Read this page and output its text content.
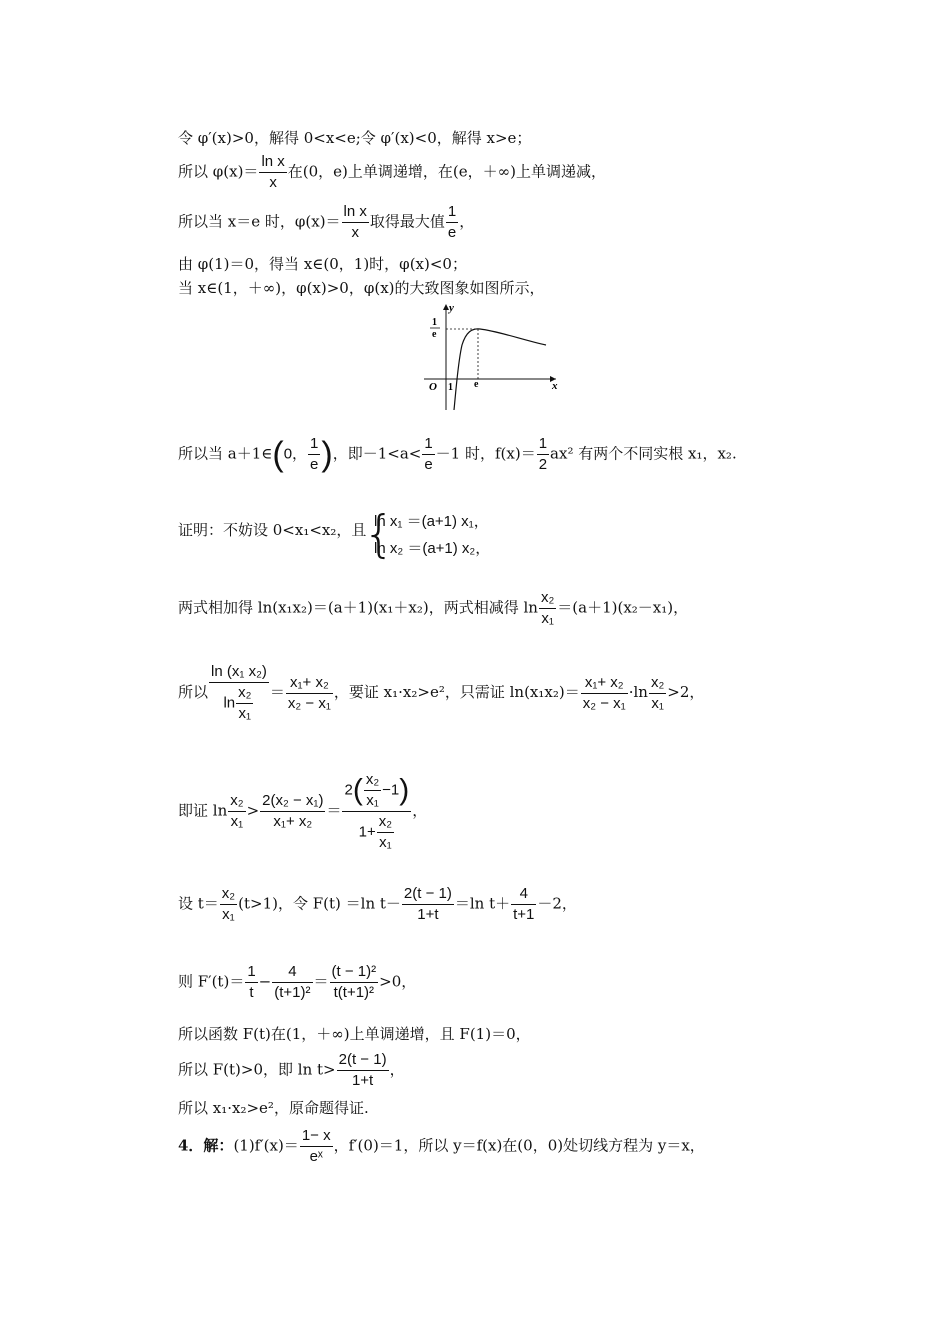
令 φ′(x)>0，解得 0<x<e;令 φ′(x)<0，解得 x>e；
所以 $\varphi(x)= \frac{\text{ln x}}{x}$ 在(0，e)上单调递增，在(e，＋∞)上单调递减，
所以当 x＝e 时，$\varphi(x)= \frac{\text{ln x}}{x}$ 取得最大值 $\frac{1}{e}$ ，
由 φ(1)＝0，得当 x∈(0，1)时，φ(x)<0；
当 x∈(1，＋∞)，φ(x)>0，φ(x)的大致图象如图所示，
y
x
O 1 e
1
e
所以当 a＋1∈(0， $\frac{1}{e}$ )，即$-1<a< \frac{1}{e} -1$ 时，$f(x)= \frac{1}{2} ax^2$ 有两个不同实根 x₁，x₂.
证明：不妨设 0<x₁<x₂，且
{
ln x₁ ＝(a+1) x₁，
ln x₂ ＝(a+1) x₂，
两式相加得 ln(x₁x₂)＝(a＋1)(x₁＋x₂)，两式相减得 $\ln \frac{\text{x₂}}{\text{x₁}} =(a+1)(x_2-x_1)$，
所以 $\frac{\text{ln (x₁ x₂)}}{\ln \frac{\text{x₂}}{\text{x₁}}} = \frac{\text{x₁+ x₂}}{\text{x₂ − x₁}}$ ，要证 x₁·x₂>e²，只需证 $\ln(x_1x_2)= \frac{\text{x₁+ x₂}}{\text{x₂ − x₁}} \cdot\ln \frac{\text{x₂}}{\text{x₁}} >2$，
即证 $\ln \frac{\text{x₂}}{\text{x₁}} > \frac{\text{2(x₂ − x₁)}}{\text{x₁+ x₂}} = \frac{2( \frac{\text{x₂}}{\text{x₁}} -1)}{1+ \frac{\text{x₂}}{\text{x₁}}}$ ，
设 $t= \frac{\text{x₂}}{\text{x₁}} (t>1)$，令 F(t) ＝ln $t- \frac{2(t - 1)}{1+t} =\ln$ $t+ \frac{4}{t+1} -2$，
则 $F'(t)= \frac{1}{t} - \frac{4}{\text{(t+1)²}} = \frac{\text{(t − 1)²}}{\text{t(t+1)²}} >0$，
所以函数 F(t)在(1，＋∞)上单调递增，且 F(1)＝0，
所以 F(t)>0，即 $\ln t> \frac{2(t - 1)}{1+t}$ ，
所以 x₁·x₂>e²，原命题得证.
4．解：$(1)f'(x)= \frac{1- x}{\text{eˣ}}$ ，f′(0)＝1，所以 y＝f(x)在(0，0)处切线方程为 y＝x，
